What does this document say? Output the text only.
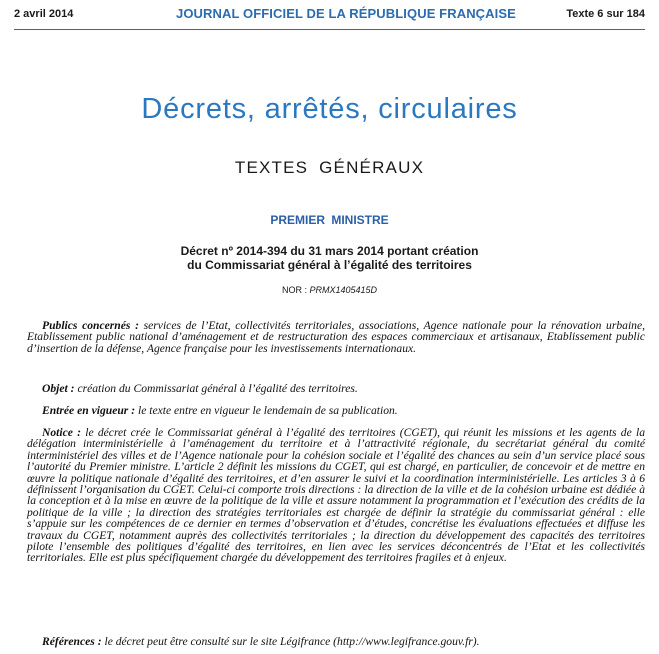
2 avril 2014	JOURNAL OFFICIEL DE LA RÉPUBLIQUE FRANÇAISE	Texte 6 sur 184
Décrets, arrêtés, circulaires
TEXTES GÉNÉRAUX
PREMIER MINISTRE
Décret nº 2014-394 du 31 mars 2014 portant création
du Commissariat général à l’égalité des territoires
NOR : PRMX1405415D

Publics concernés : services de l’Etat, collectivités territoriales, associations, Agence nationale pour la rénovation urbaine, Etablissement public national d’aménagement et de restructuration des espaces commerciaux et artisanaux, Etablissement public d’insertion de la défense, Agence française pour les investissements internationaux.

Objet : création du Commissariat général à l’égalité des territoires.

Entrée en vigueur : le texte entre en vigueur le lendemain de sa publication.

Notice : le décret crée le Commissariat général à l’égalité des territoires (CGET), qui réunit les missions et les agents de la délégation interministérielle à l’aménagement du territoire et à l’attractivité régionale, du secrétariat général du comité interministériel des villes et de l’Agence nationale pour la cohésion sociale et l’égalité des chances au sein d’un service placé sous l’autorité du Premier ministre. L’article 2 définit les missions du CGET, qui est chargé, en particulier, de concevoir et de mettre en œuvre la politique nationale d’égalité des territoires, et d’en assurer le suivi et la coordination interministérielle. Les articles 3 à 6 définissent l’organisation du CGET. Celui-ci comporte trois directions : la direction de la ville et de la cohésion urbaine est dédiée à la conception et à la mise en œuvre de la politique de la ville et assure notamment la programmation et l’exécution des crédits de la politique de la ville ; la direction des stratégies territoriales est chargée de définir la stratégie du commissariat général : elle s’appuie sur les compétences de ce dernier en termes d’observation et d’études, concrétise les évaluations effectuées et diffuse les travaux du CGET, notamment auprès des collectivités territoriales ; la direction du développement des capacités des territoires pilote l’ensemble des politiques d’égalité des territoires, en lien avec les services déconcentrés de l’Etat et les collectivités territoriales. Elle est plus spécifiquement chargée du développement des territoires fragiles et à enjeux.

Références : le décret peut être consulté sur le site Légifrance (http://www.legifrance.gouv.fr).
